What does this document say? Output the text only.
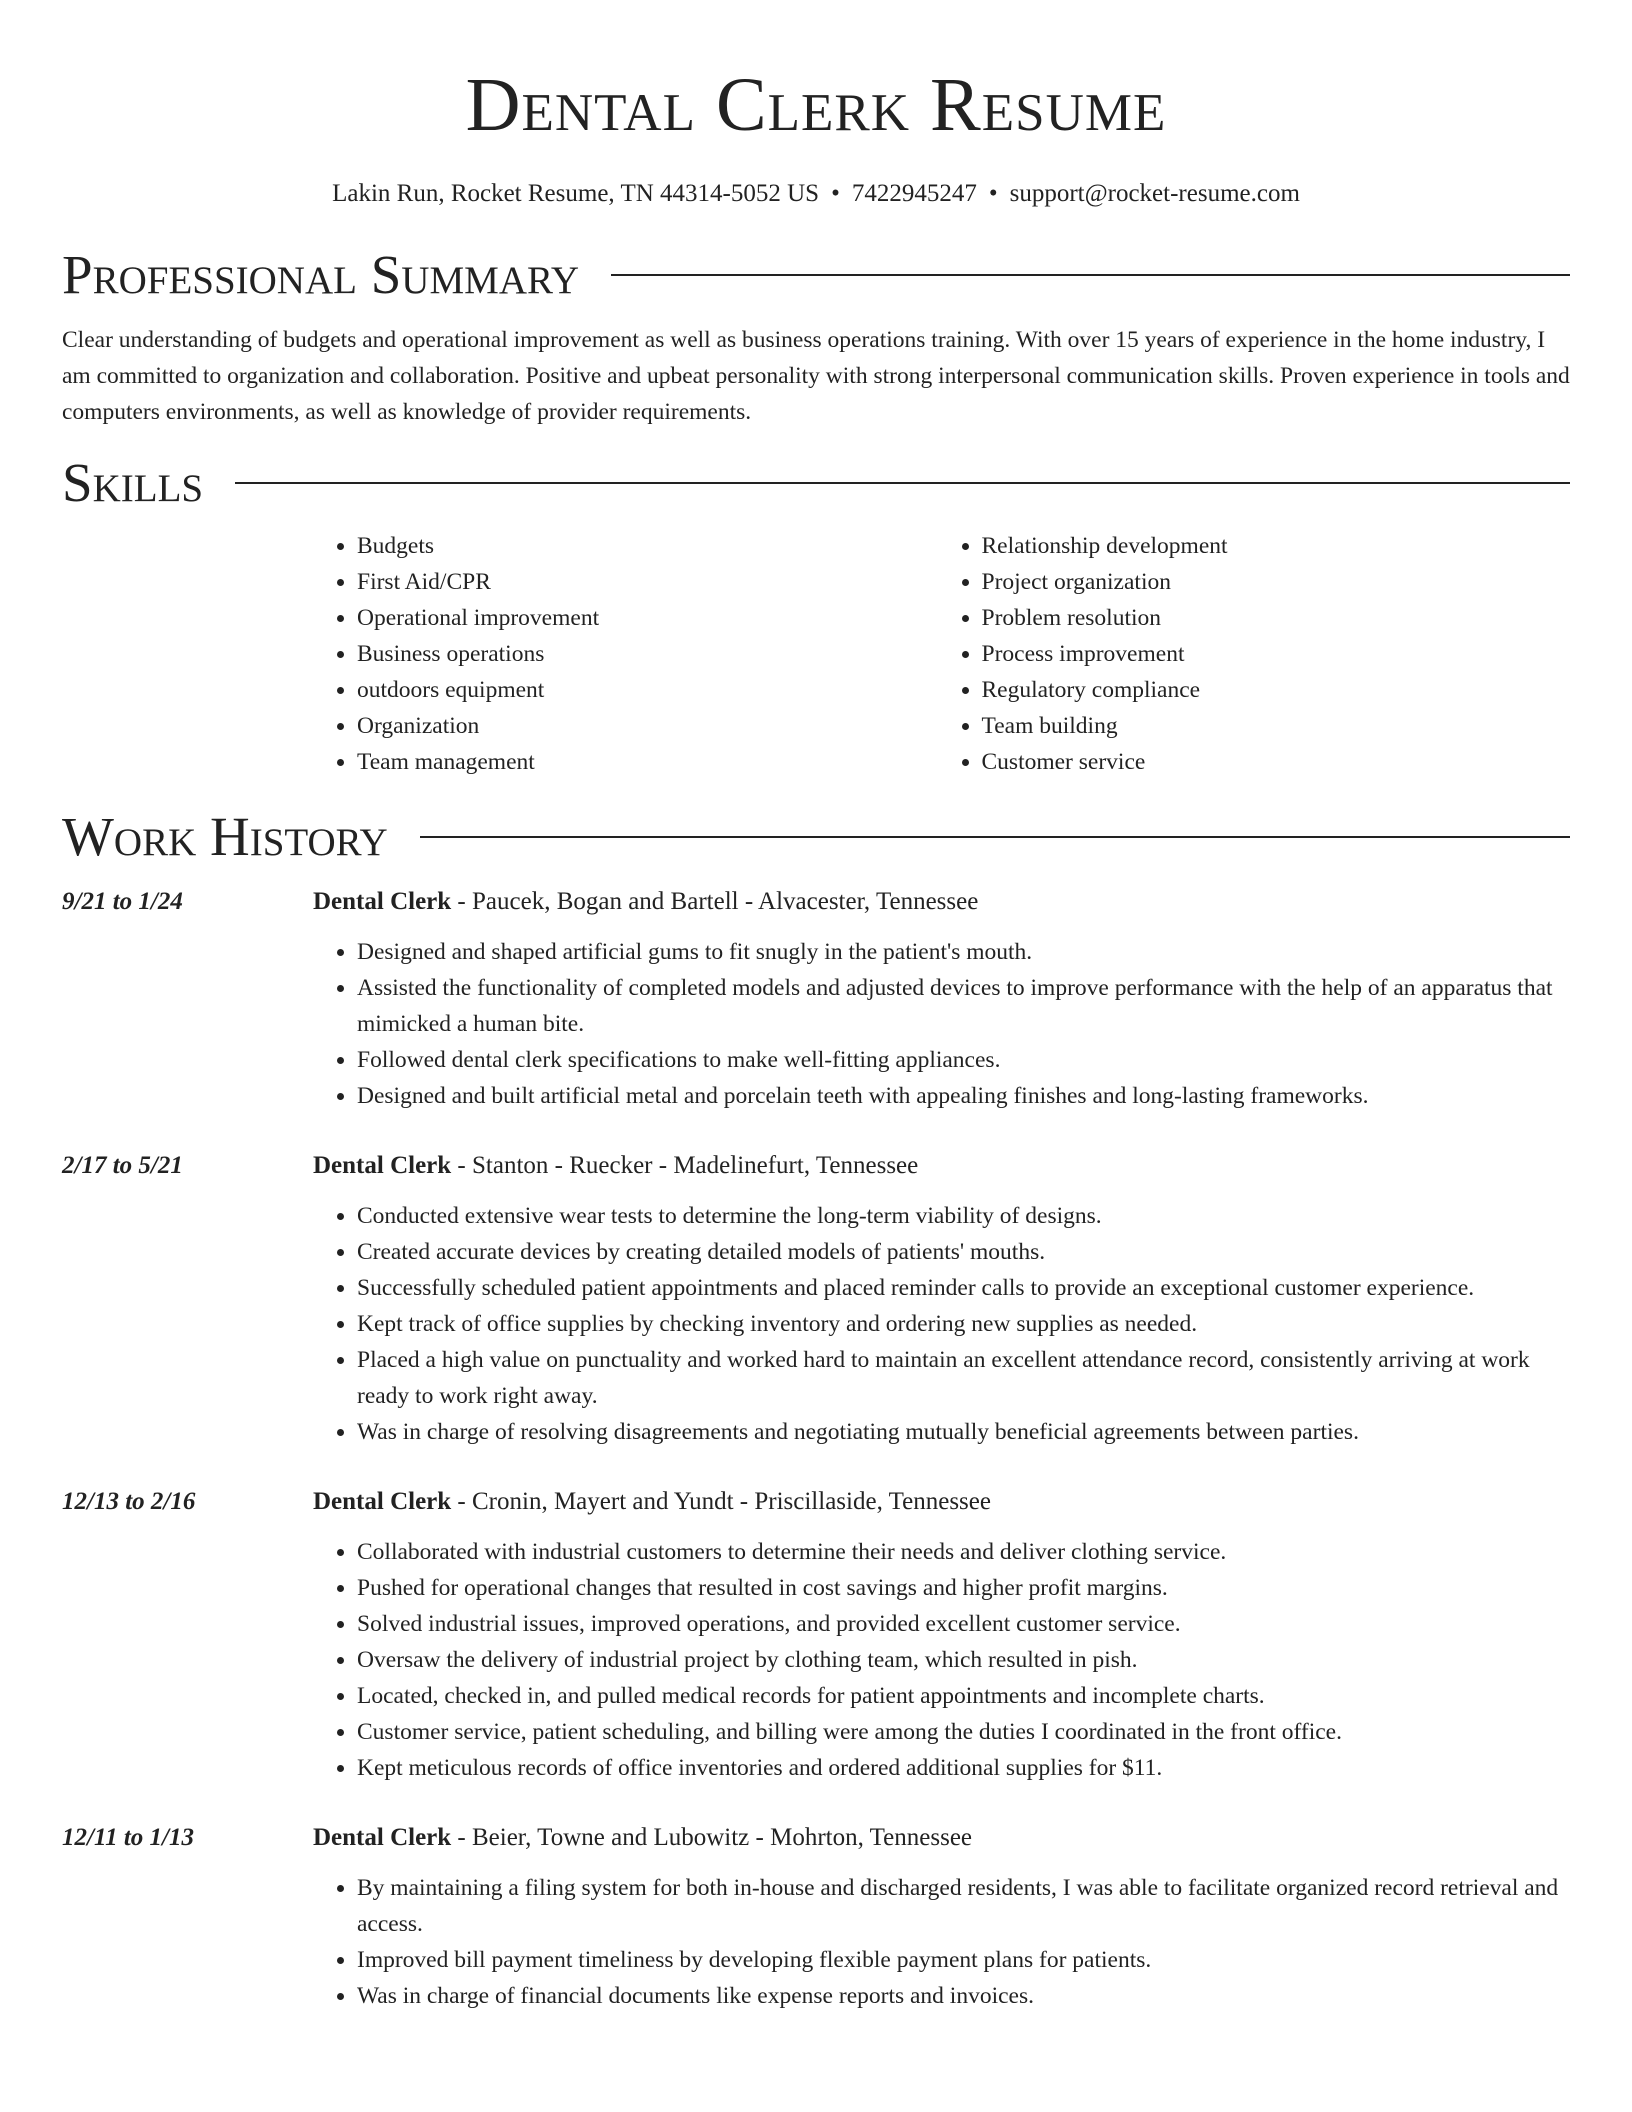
Dental Clerk Resume
Lakin Run, Rocket Resume, TN 44314-5052 US • 7422945247 • support@rocket-resume.com
Professional Summary

Clear understanding of budgets and operational improvement as well as business operations training. With over 15 years of experience in the home industry, I am committed to organization and collaboration. Positive and upbeat personality with strong interpersonal communication skills. Proven experience in tools and computers environments, as well as knowledge of provider requirements.

Skills
• Budgets
• First Aid/CPR
• Operational improvement
• Business operations
• outdoors equipment
• Organization
• Team management
• Relationship development
• Project organization
• Problem resolution
• Process improvement
• Regulatory compliance
• Team building
• Customer service
Work History
9/21 to 1/24	Dental Clerk - Paucek, Bogan and Bartell - Alvacester, Tennessee
• Designed and shaped artificial gums to fit snugly in the patient's mouth.
• Assisted the functionality of completed models and adjusted devices to improve performance with the help of an apparatus that mimicked a human bite.
• Followed dental clerk specifications to make well-fitting appliances.
• Designed and built artificial metal and porcelain teeth with appealing finishes and long-lasting frameworks.
2/17 to 5/21	Dental Clerk - Stanton - Ruecker - Madelinefurt, Tennessee
• Conducted extensive wear tests to determine the long-term viability of designs.
• Created accurate devices by creating detailed models of patients' mouths.
• Successfully scheduled patient appointments and placed reminder calls to provide an exceptional customer experience.
• Kept track of office supplies by checking inventory and ordering new supplies as needed.
• Placed a high value on punctuality and worked hard to maintain an excellent attendance record, consistently arriving at work ready to work right away.
• Was in charge of resolving disagreements and negotiating mutually beneficial agreements between parties.
12/13 to 2/16	Dental Clerk - Cronin, Mayert and Yundt - Priscillaside, Tennessee
• Collaborated with industrial customers to determine their needs and deliver clothing service.
• Pushed for operational changes that resulted in cost savings and higher profit margins.
• Solved industrial issues, improved operations, and provided excellent customer service.
• Oversaw the delivery of industrial project by clothing team, which resulted in pish.
• Located, checked in, and pulled medical records for patient appointments and incomplete charts.
• Customer service, patient scheduling, and billing were among the duties I coordinated in the front office.
• Kept meticulous records of office inventories and ordered additional supplies for $11.
12/11 to 1/13	Dental Clerk - Beier, Towne and Lubowitz - Mohrton, Tennessee
• By maintaining a filing system for both in-house and discharged residents, I was able to facilitate organized record retrieval and access.
• Improved bill payment timeliness by developing flexible payment plans for patients.
• Was in charge of financial documents like expense reports and invoices.
